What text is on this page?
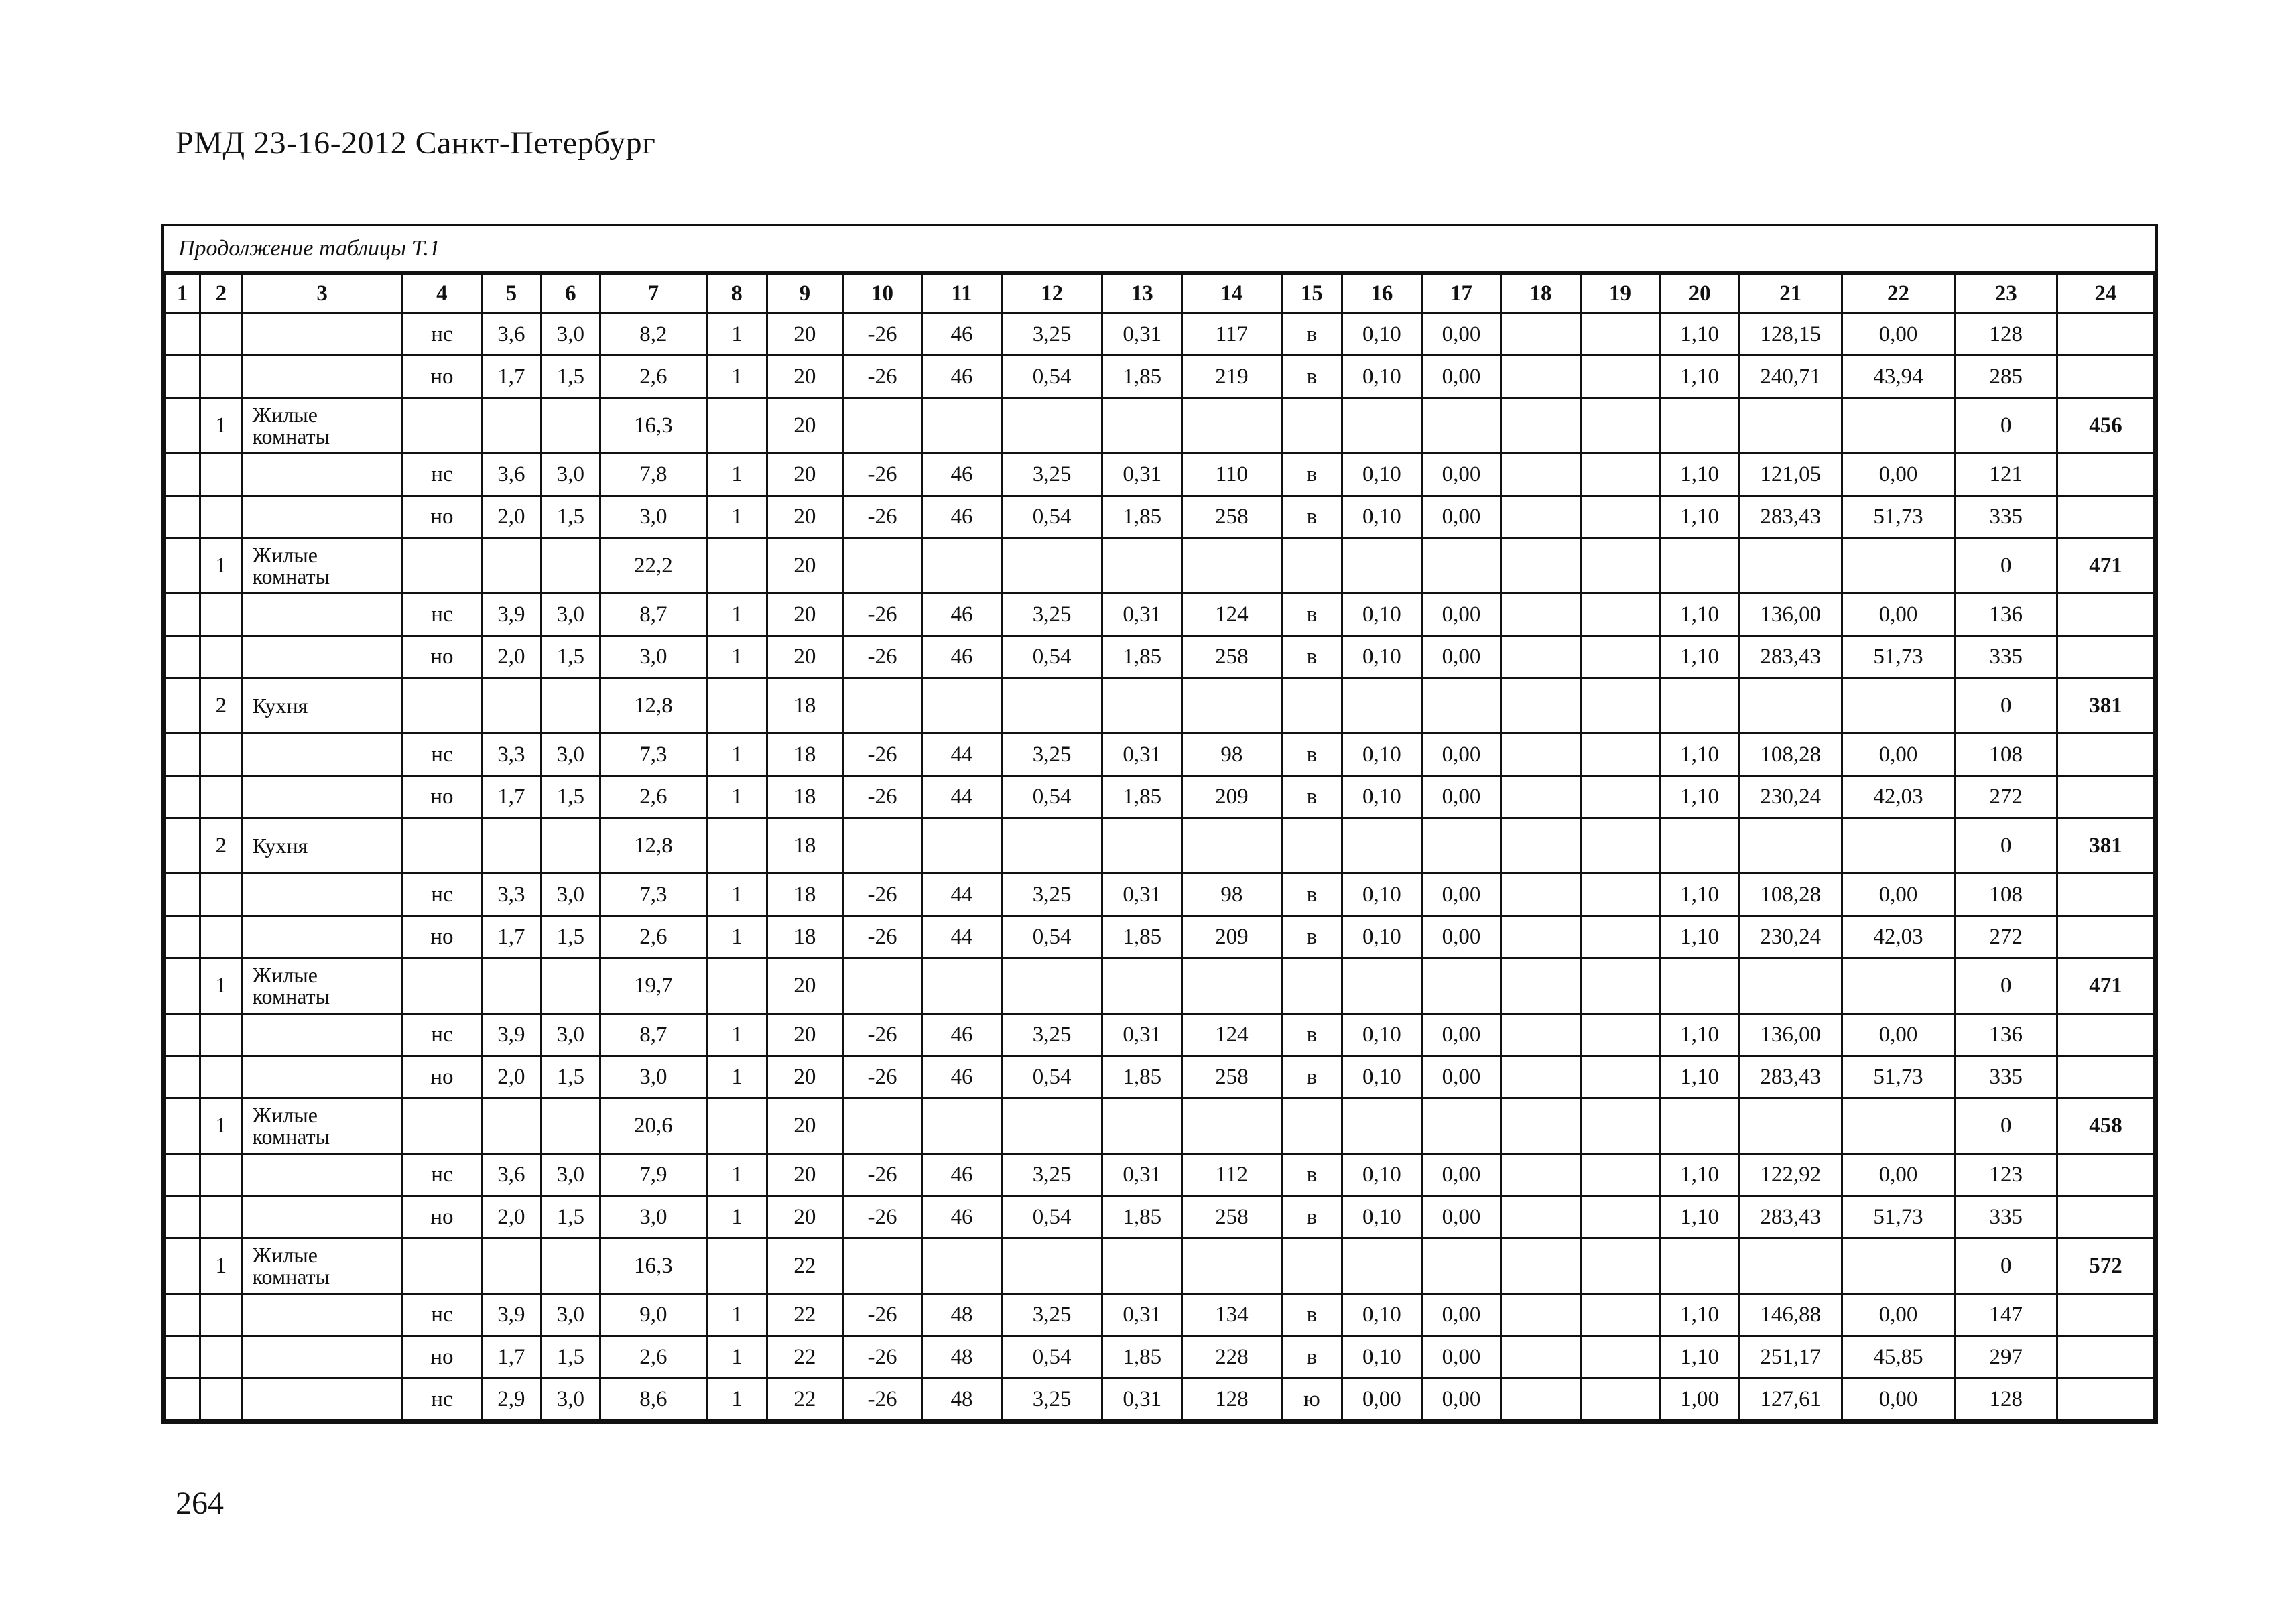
РМД 23-16-2012 Санкт-Петербург
Продолжение таблицы Т.1
1	2	3	4	5	6	7	8	9	10	11	12	13	14	15	16	17	18	19	20	21	22	23	24
			нс	3,6	3,0	8,2	1	20	-26	46	3,25	0,31	117	в	0,10	0,00			1,10	128,15	0,00	128	
			но	1,7	1,5	2,6	1	20	-26	46	0,54	1,85	219	в	0,10	0,00			1,10	240,71	43,94	285	
	1	Жилые комнаты				16,3		20														0	456
			нс	3,6	3,0	7,8	1	20	-26	46	3,25	0,31	110	в	0,10	0,00			1,10	121,05	0,00	121	
			но	2,0	1,5	3,0	1	20	-26	46	0,54	1,85	258	в	0,10	0,00			1,10	283,43	51,73	335	
	1	Жилые комнаты				22,2		20														0	471
			нс	3,9	3,0	8,7	1	20	-26	46	3,25	0,31	124	в	0,10	0,00			1,10	136,00	0,00	136	
			но	2,0	1,5	3,0	1	20	-26	46	0,54	1,85	258	в	0,10	0,00			1,10	283,43	51,73	335	
	2	Кухня				12,8		18														0	381
			нс	3,3	3,0	7,3	1	18	-26	44	3,25	0,31	98	в	0,10	0,00			1,10	108,28	0,00	108	
			но	1,7	1,5	2,6	1	18	-26	44	0,54	1,85	209	в	0,10	0,00			1,10	230,24	42,03	272	
	2	Кухня				12,8		18														0	381
			нс	3,3	3,0	7,3	1	18	-26	44	3,25	0,31	98	в	0,10	0,00			1,10	108,28	0,00	108	
			но	1,7	1,5	2,6	1	18	-26	44	0,54	1,85	209	в	0,10	0,00			1,10	230,24	42,03	272	
	1	Жилые комнаты				19,7		20														0	471
			нс	3,9	3,0	8,7	1	20	-26	46	3,25	0,31	124	в	0,10	0,00			1,10	136,00	0,00	136	
			но	2,0	1,5	3,0	1	20	-26	46	0,54	1,85	258	в	0,10	0,00			1,10	283,43	51,73	335	
	1	Жилые комнаты				20,6		20														0	458
			нс	3,6	3,0	7,9	1	20	-26	46	3,25	0,31	112	в	0,10	0,00			1,10	122,92	0,00	123	
			но	2,0	1,5	3,0	1	20	-26	46	0,54	1,85	258	в	0,10	0,00			1,10	283,43	51,73	335	
	1	Жилые комнаты				16,3		22														0	572
			нс	3,9	3,0	9,0	1	22	-26	48	3,25	0,31	134	в	0,10	0,00			1,10	146,88	0,00	147	
			но	1,7	1,5	2,6	1	22	-26	48	0,54	1,85	228	в	0,10	0,00			1,10	251,17	45,85	297	
			нс	2,9	3,0	8,6	1	22	-26	48	3,25	0,31	128	ю	0,00	0,00			1,00	127,61	0,00	128	
264
